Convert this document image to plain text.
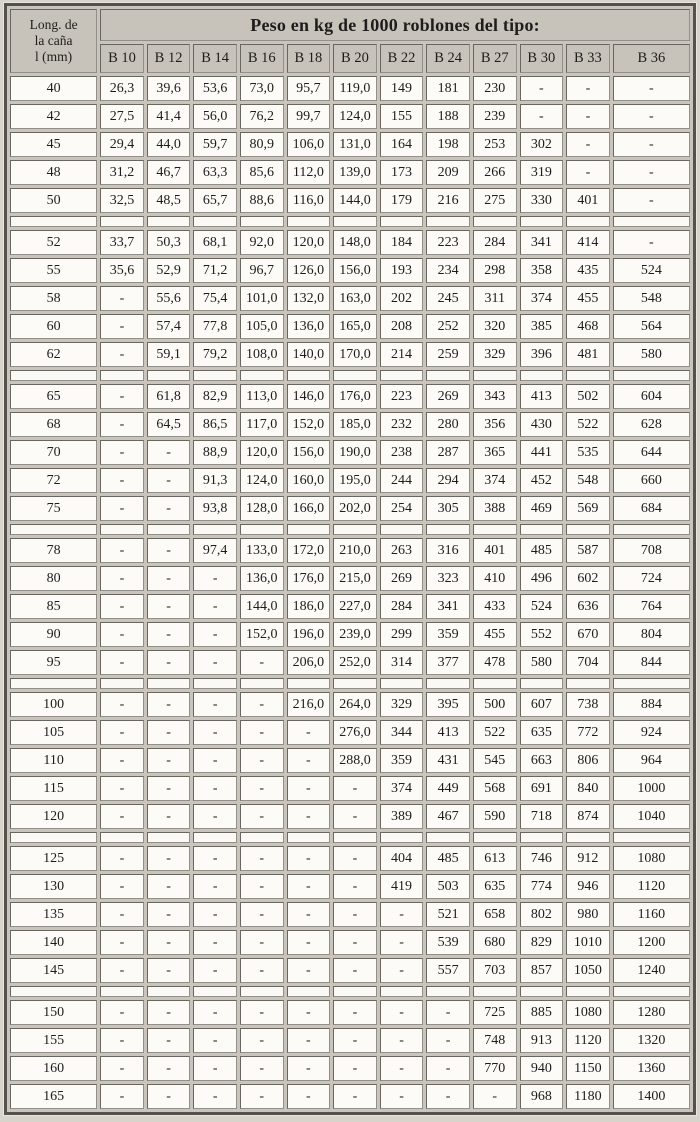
Long. de
la caña
l (mm)	Peso en kg de 1000 roblones del tipo:											
	B 10	B 12	B 14	B 16	B 18	B 20	B 22	B 24	B 27	B 30	B 33	B 36
40	26,3	39,6	53,6	73,0	95,7	119,0	149	181	230	-	-	-
42	27,5	41,4	56,0	76,2	99,7	124,0	155	188	239	-	-	-
45	29,4	44,0	59,7	80,9	106,0	131,0	164	198	253	302	-	-
48	31,2	46,7	63,3	85,6	112,0	139,0	173	209	266	319	-	-
50	32,5	48,5	65,7	88,6	116,0	144,0	179	216	275	330	401	-

52	33,7	50,3	68,1	92,0	120,0	148,0	184	223	284	341	414	-
55	35,6	52,9	71,2	96,7	126,0	156,0	193	234	298	358	435	524
58	-	55,6	75,4	101,0	132,0	163,0	202	245	311	374	455	548
60	-	57,4	77,8	105,0	136,0	165,0	208	252	320	385	468	564
62	-	59,1	79,2	108,0	140,0	170,0	214	259	329	396	481	580

65	-	61,8	82,9	113,0	146,0	176,0	223	269	343	413	502	604
68	-	64,5	86,5	117,0	152,0	185,0	232	280	356	430	522	628
70	-	-	88,9	120,0	156,0	190,0	238	287	365	441	535	644
72	-	-	91,3	124,0	160,0	195,0	244	294	374	452	548	660
75	-	-	93,8	128,0	166,0	202,0	254	305	388	469	569	684

78	-	-	97,4	133,0	172,0	210,0	263	316	401	485	587	708
80	-	-	-	136,0	176,0	215,0	269	323	410	496	602	724
85	-	-	-	144,0	186,0	227,0	284	341	433	524	636	764
90	-	-	-	152,0	196,0	239,0	299	359	455	552	670	804
95	-	-	-	-	206,0	252,0	314	377	478	580	704	844

100	-	-	-	-	216,0	264,0	329	395	500	607	738	884
105	-	-	-	-	-	276,0	344	413	522	635	772	924
110	-	-	-	-	-	288,0	359	431	545	663	806	964
115	-	-	-	-	-	-	374	449	568	691	840	1000
120	-	-	-	-	-	-	389	467	590	718	874	1040

125	-	-	-	-	-	-	404	485	613	746	912	1080
130	-	-	-	-	-	-	419	503	635	774	946	1120
135	-	-	-	-	-	-	-	521	658	802	980	1160
140	-	-	-	-	-	-	-	539	680	829	1010	1200
145	-	-	-	-	-	-	-	557	703	857	1050	1240

150	-	-	-	-	-	-	-	-	725	885	1080	1280
155	-	-	-	-	-	-	-	-	748	913	1120	1320
160	-	-	-	-	-	-	-	-	770	940	1150	1360
165	-	-	-	-	-	-	-	-	-	968	1180	1400
